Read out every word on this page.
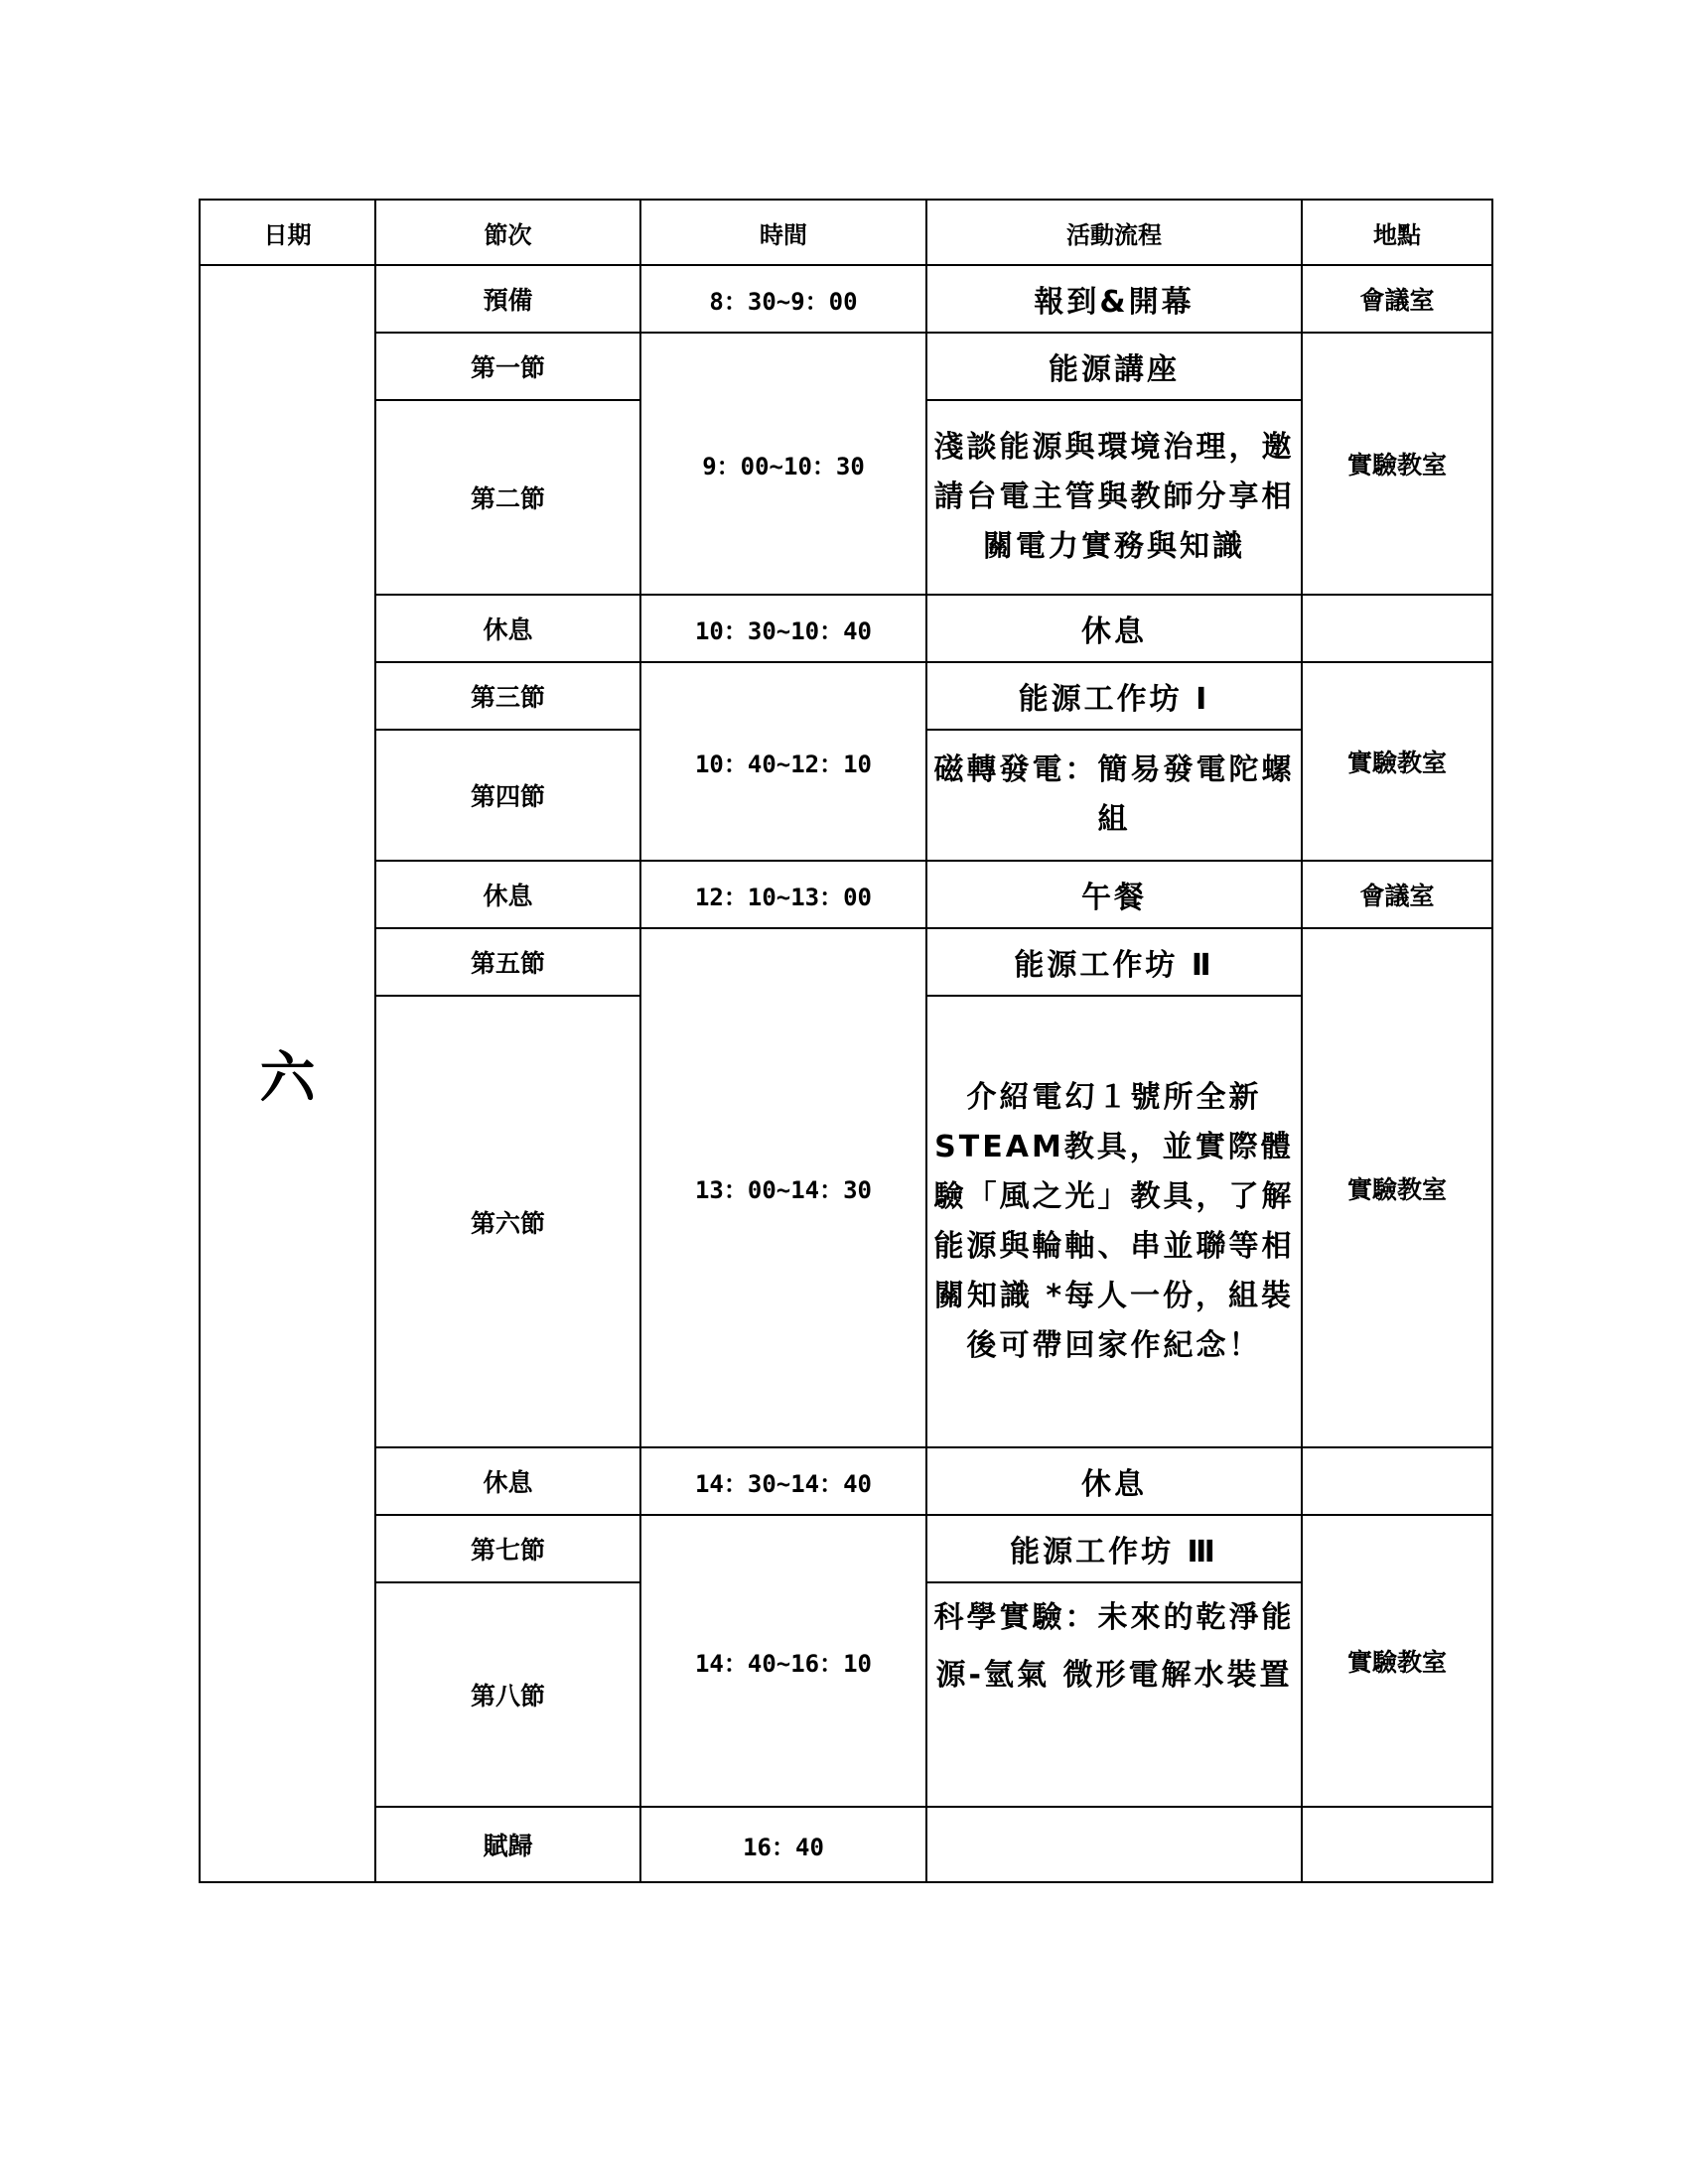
日期	節次	時間	活動流程	地點
六	預備	8：30~9：00	報到&開幕	會議室
	第一節	9：00~10：30	能源講座	實驗教室
	第二節		淺談能源與環境治理，邀請台電主管與教師分享相關電力實務與知識	
	休息	10：30~10：40	休息	
	第三節	10：40~12：10	能源工作坊 Ⅰ	實驗教室
	第四節		磁轉發電：簡易發電陀螺組	
	休息	12：10~13：00	午餐	會議室
	第五節	13：00~14：30	能源工作坊 Ⅱ	實驗教室
	第六節		介紹電幻１號所全新STEAM教具，並實際體驗「風之光」教具，了解能源與輪軸、串並聯等相關知識 *每人一份，組裝後可帶回家作紀念！	
	休息	14：30~14：40	休息	
	第七節	14：40~16：10	能源工作坊 Ⅲ	實驗教室
	第八節		科學實驗：未來的乾淨能源-氫氣 微形電解水裝置	
	賦歸	16：40		
